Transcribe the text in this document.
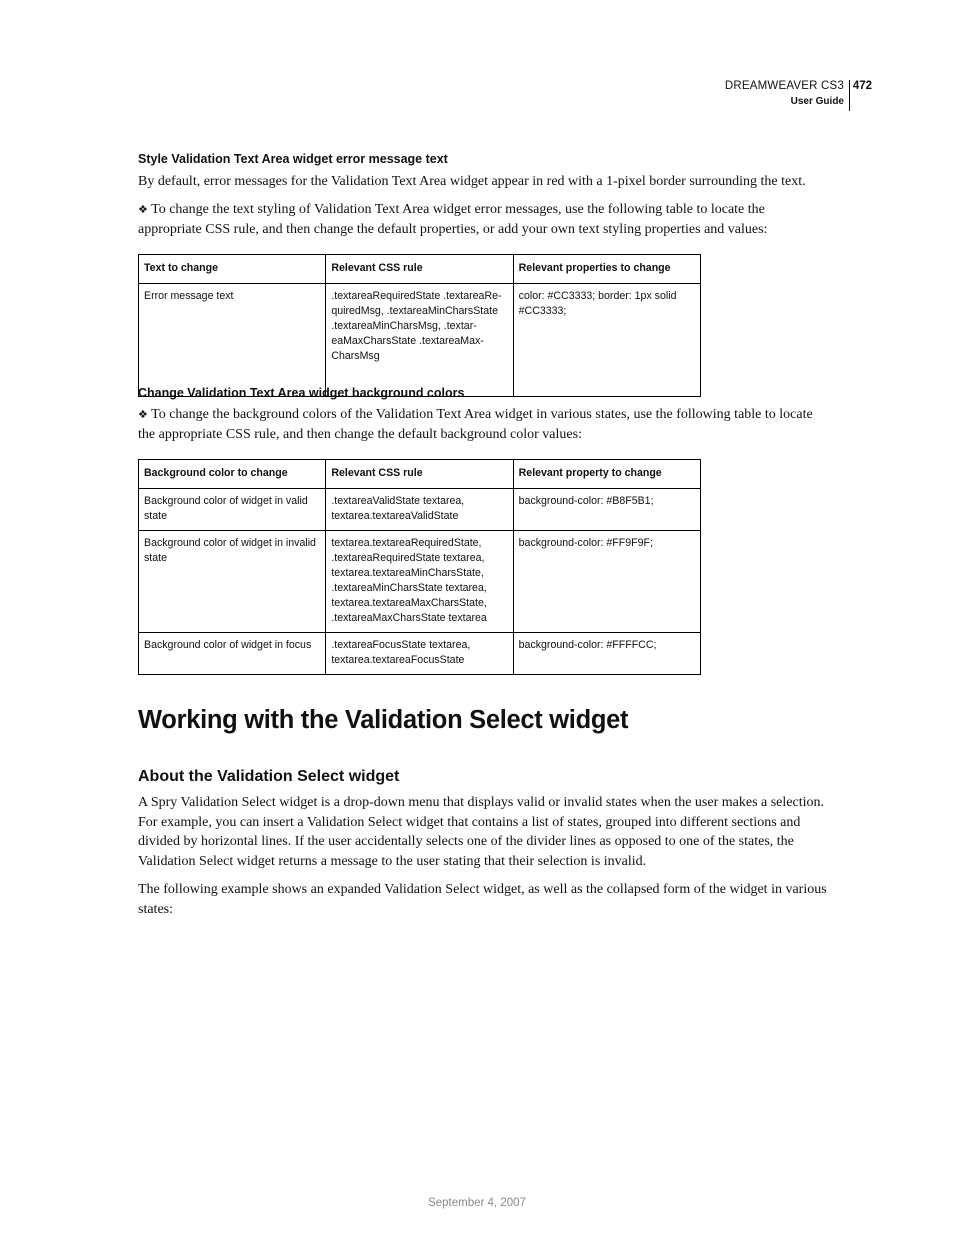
DREAMWEAVER CS3
User Guide
472
Style Validation Text Area widget error message text
By default, error messages for the Validation Text Area widget appear in red with a 1-pixel border surrounding the text.
❖ To change the text styling of Validation Text Area widget error messages, use the following table to locate the appropriate CSS rule, and then change the default properties, or add your own text styling properties and values:
Text to change	Relevant CSS rule	Relevant properties to change
Error message text	.textareaRequiredState .textareaRe-quiredMsg, .textareaMinCharsState .textareaMinCharsMsg, .textar-eaMaxCharsState .textareaMax-CharsMsg	color: #CC3333; border: 1px solid #CC3333;
Change Validation Text Area widget background colors
❖ To change the background colors of the Validation Text Area widget in various states, use the following table to locate the appropriate CSS rule, and then change the default background color values:
Background color to change	Relevant CSS rule	Relevant property to change
Background color of widget in valid state	.textareaValidState textarea, textarea.textareaValidState	background-color: #B8F5B1;
Background color of widget in invalid state	textarea.textareaRequiredState, .textareaRequiredState textarea, textarea.textareaMinCharsState, .textareaMinCharsState textarea, textarea.textareaMaxCharsState, .textareaMaxCharsState textarea	background-color: #FF9F9F;
Background color of widget in focus	.textareaFocusState textarea, textarea.textareaFocusState	background-color: #FFFFCC;
Working with the Validation Select widget
About the Validation Select widget
A Spry Validation Select widget is a drop-down menu that displays valid or invalid states when the user makes a selection. For example, you can insert a Validation Select widget that contains a list of states, grouped into different sections and divided by horizontal lines. If the user accidentally selects one of the divider lines as opposed to one of the states, the Validation Select widget returns a message to the user stating that their selection is invalid.
The following example shows an expanded Validation Select widget, as well as the collapsed form of the widget in various states:
September 4, 2007
